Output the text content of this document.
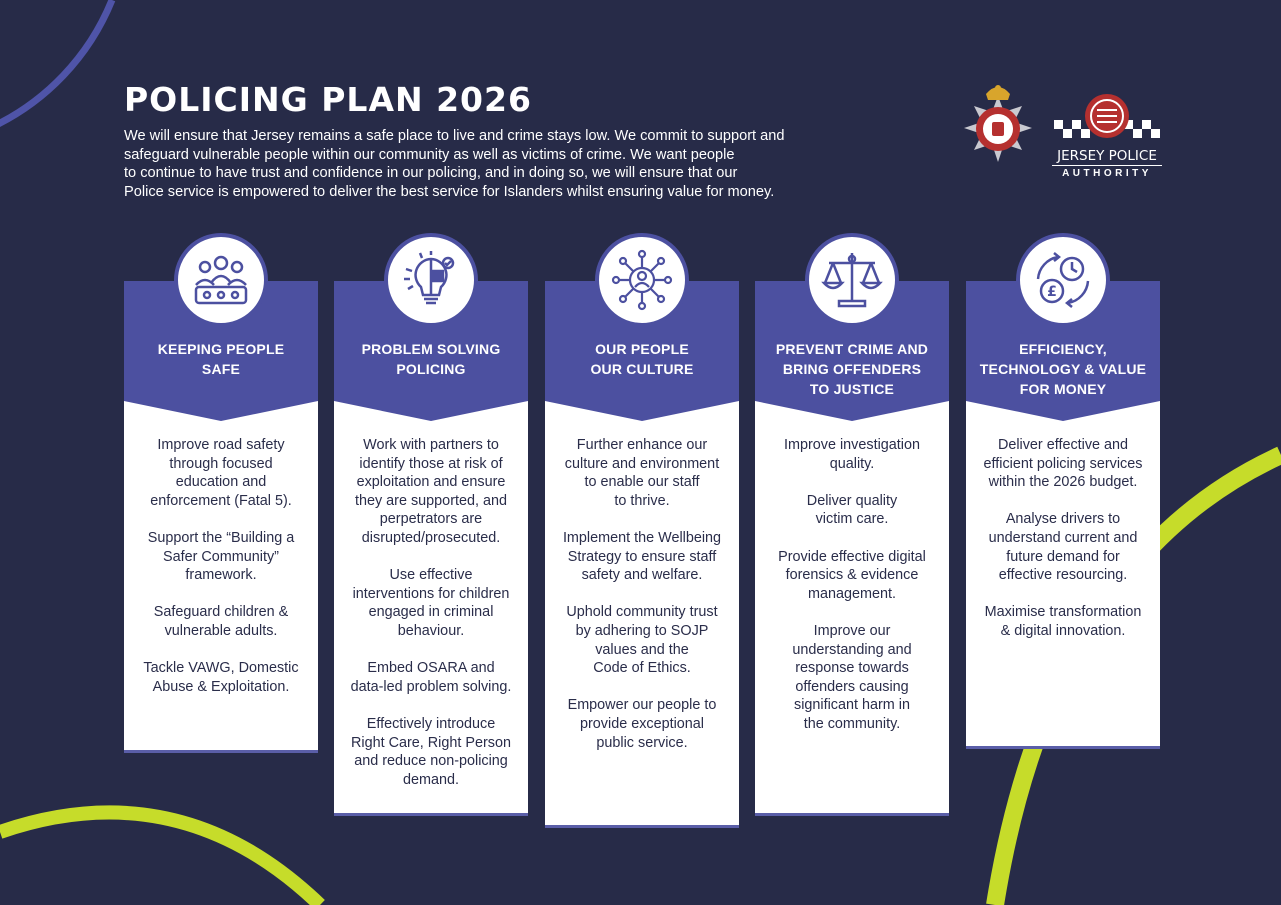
POLICING PLAN 2026
We will ensure that Jersey remains a safe place to live and crime stays low. We commit to support and
safeguard vulnerable people within our community as well as victims of crime. We want people
to continue to have trust and confidence in our policing, and in doing so, we will ensure that our
Police service is empowered to deliver the best service for Islanders whilst ensuring value for money.
JERSEY POLICE
AUTHORITY
KEEPING PEOPLE
SAFE
Improve road safety
through focused
education and
enforcement (Fatal 5).
Support the “Building a
Safer Community”
framework.
Safeguard children &
vulnerable adults.
Tackle VAWG, Domestic
Abuse & Exploitation.
PROBLEM SOLVING
POLICING
Work with partners to
identify those at risk of
exploitation and ensure
they are supported, and
perpetrators are
disrupted/prosecuted.
Use effective
interventions for children
engaged in criminal
behaviour.
Embed OSARA and
data-led problem solving.
Effectively introduce
Right Care, Right Person
and reduce non-policing
demand.
OUR PEOPLE
OUR CULTURE
Further enhance our
culture and environment
to enable our staff
to thrive.
Implement the Wellbeing
Strategy to ensure staff
safety and welfare.
Uphold community trust
by adhering to SOJP
values and the
Code of Ethics.
Empower our people to
provide exceptional
public service.
PREVENT CRIME AND
BRING OFFENDERS
TO JUSTICE
Improve investigation
quality.
Deliver quality
victim care.
Provide effective digital
forensics & evidence
management.
Improve our
understanding and
response towards
offenders causing
significant harm in
the community.
£
EFFICIENCY,
TECHNOLOGY & VALUE
FOR MONEY
Deliver effective and
efficient policing services
within the 2026 budget.
Analyse drivers to
understand current and
future demand for
effective resourcing.
Maximise transformation
& digital innovation.
